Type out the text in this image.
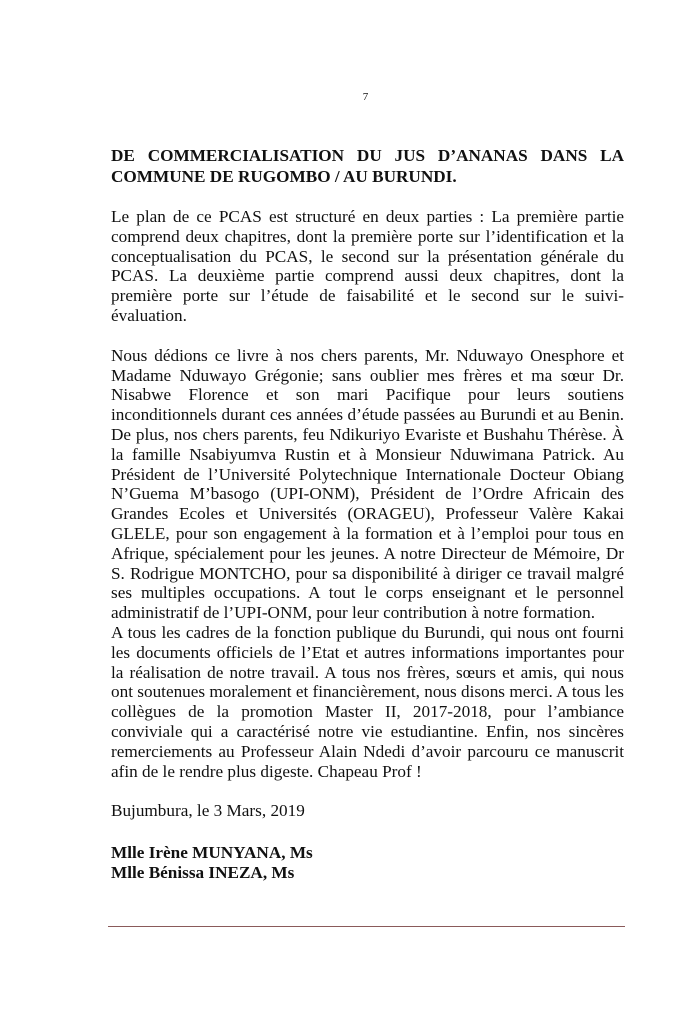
7
DE COMMERCIALISATION DU JUS D’ANANAS DANS LA
COMMUNE DE RUGOMBO / AU BURUNDI.

Le plan de ce PCAS est structuré en deux parties : La première partie comprend deux chapitres, dont la première porte sur l’identification et la conceptualisation du PCAS, le second sur la présentation générale du PCAS. La deuxième partie comprend aussi deux chapitres, dont la première porte sur l’étude de faisabilité et le second sur le suivi-évaluation.

Nous dédions ce livre à nos chers parents, Mr. Nduwayo Onesphore et Madame Nduwayo Grégonie; sans oublier mes frères et ma sœur Dr. Nisabwe Florence et son mari Pacifique pour leurs soutiens inconditionnels durant ces années d’étude passées au Burundi et au Benin. De plus, nos chers parents, feu Ndikuriyo Evariste et Bushahu Thérèse. À la famille Nsabiyumva Rustin et à Monsieur Nduwimana Patrick. Au Président de l’Université Polytechnique Internationale Docteur Obiang N’Guema M’basogo (UPI-ONM), Président de l’Ordre Africain des Grandes Ecoles et Universités (ORAGEU), Professeur Valère Kakai GLELE, pour son engagement à la formation et à l’emploi pour tous en Afrique, spécialement pour les jeunes. A notre Directeur de Mémoire, Dr S. Rodrigue MONTCHO, pour sa disponibilité à diriger ce travail malgré ses multiples occupations. A tout le corps enseignant et le personnel administratif de l’UPI-ONM, pour leur contribution à notre formation.

A tous les cadres de la fonction publique du Burundi, qui nous ont fourni les documents officiels de l’Etat et autres informations importantes pour la réalisation de notre travail. A tous nos frères, sœurs et amis, qui nous ont soutenues moralement et financièrement, nous disons merci. A tous les collègues de la promotion Master II, 2017-2018, pour l’ambiance conviviale qui a caractérisé notre vie estudiantine. Enfin, nos sincères remerciements au Professeur Alain Ndedi d’avoir parcouru ce manuscrit afin de le rendre plus digeste. Chapeau Prof !

Bujumbura, le 3 Mars, 2019

Mlle Irène MUNYANA, Ms

Mlle Bénissa INEZA, Ms
